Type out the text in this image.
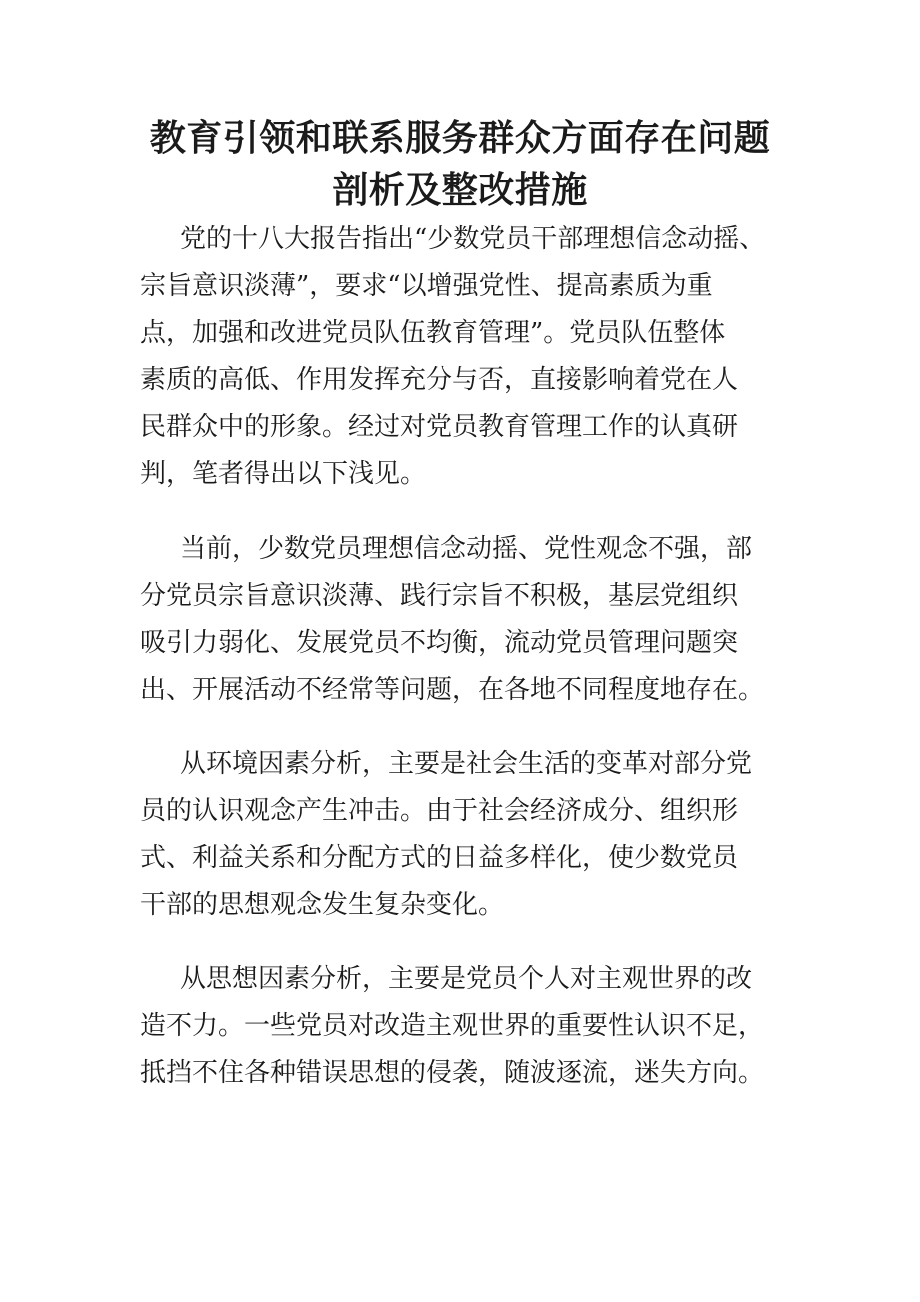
教育引领和联系服务群众方面存在问题
剖析及整改措施

党的十八大报告指出“少数党员干部理想信念动摇、
宗旨意识淡薄”，要求“以增强党性、提高素质为重
点，加强和改进党员队伍教育管理”。党员队伍整体
素质的高低、作用发挥充分与否，直接影响着党在人
民群众中的形象。经过对党员教育管理工作的认真研
判，笔者得出以下浅见。

当前，少数党员理想信念动摇、党性观念不强，部
分党员宗旨意识淡薄、践行宗旨不积极，基层党组织
吸引力弱化、发展党员不均衡，流动党员管理问题突
出、开展活动不经常等问题，在各地不同程度地存在。

从环境因素分析，主要是社会生活的变革对部分党
员的认识观念产生冲击。由于社会经济成分、组织形
式、利益关系和分配方式的日益多样化，使少数党员
干部的思想观念发生复杂变化。

从思想因素分析，主要是党员个人对主观世界的改
造不力。一些党员对改造主观世界的重要性认识不足，
抵挡不住各种错误思想的侵袭，随波逐流，迷失方向。
